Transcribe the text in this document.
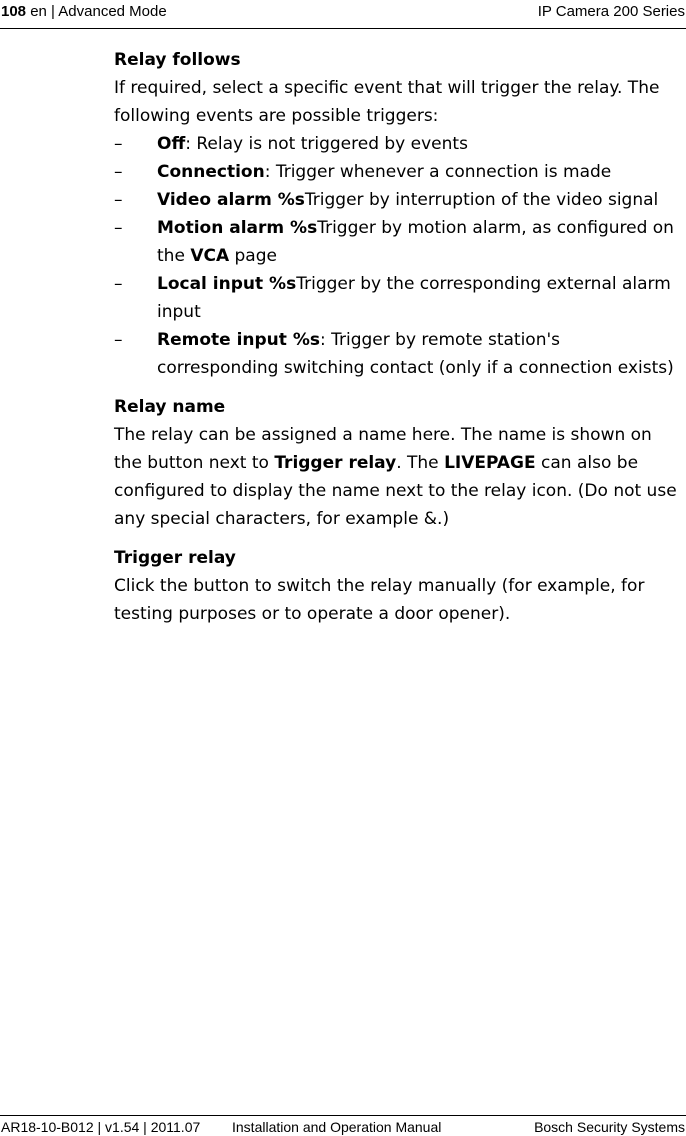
108 en | Advanced Mode	IP Camera 200 Series
Relay follows

If required, select a specific event that will trigger the relay. The following events are possible triggers:

– Off: Relay is not triggered by events
– Connection: Trigger whenever a connection is made
– Video alarm %sTrigger by interruption of the video signal
– Motion alarm %sTrigger by motion alarm, as configured on the VCA page
– Local input %sTrigger by the corresponding external alarm input
– Remote input %s: Trigger by remote station's corresponding switching contact (only if a connection exists)
Relay name

The relay can be assigned a name here. The name is shown on the button next to Trigger relay. The LIVEPAGE can also be configured to display the name next to the relay icon. (Do not use any special characters, for example &.)

Trigger relay

Click the button to switch the relay manually (for example, for testing purposes or to operate a door opener).

AR18-10-B012 | v1.54 | 2011.07 Installation and Operation Manual	Bosch Security Systems
